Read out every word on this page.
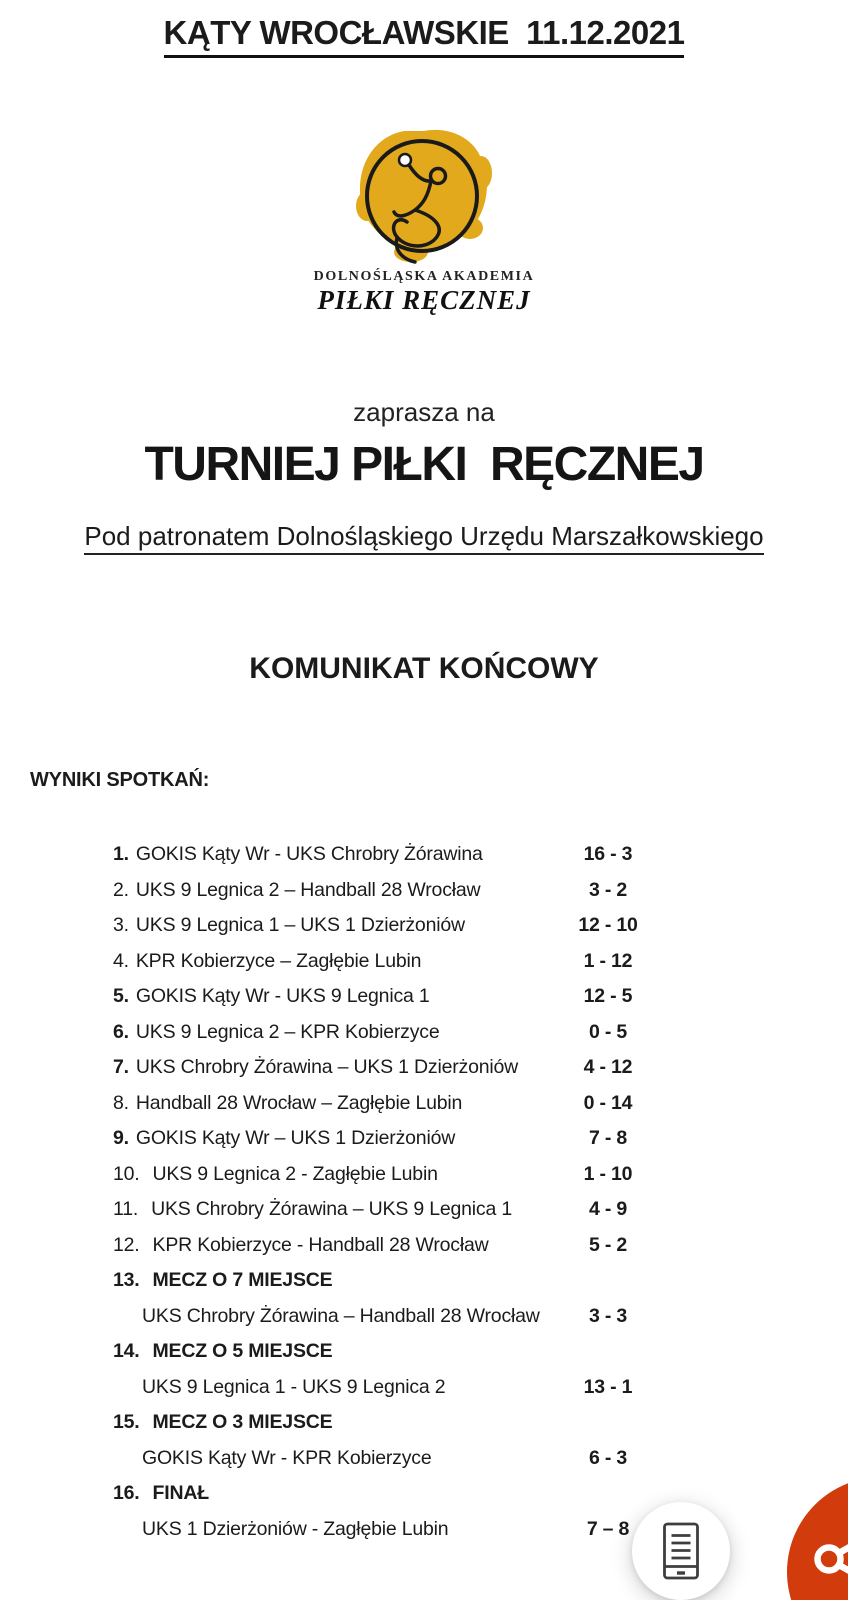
KĄTY WROCŁAWSKIE  11.12.2021
DOLNOŚLĄSKA AKADEMIA
PIŁKI RĘCZNEJ
zaprasza na
TURNIEJ PIŁKI  RĘCZNEJ
Pod patronatem Dolnośląskiego Urzędu Marszałkowskiego
KOMUNIKAT KOŃCOWY
WYNIKI SPOTKAŃ:
1. GOKIS Kąty Wr - UKS Chrobry Żórawina	16 - 3
2. UKS 9 Legnica 2 – Handball 28 Wrocław	3 - 2
3. UKS 9 Legnica 1 – UKS 1 Dzierżoniów	12 - 10
4. KPR Kobierzyce – Zagłębie Lubin	1 - 12
5. GOKIS Kąty Wr - UKS 9 Legnica 1	12 - 5
6. UKS 9 Legnica 2 – KPR Kobierzyce	0 - 5
7. UKS Chrobry Żórawina – UKS 1 Dzierżoniów	4 - 12
8. Handball 28 Wrocław – Zagłębie Lubin	0 - 14
9. GOKIS Kąty Wr – UKS 1 Dzierżoniów	7 - 8
10. UKS 9 Legnica 2 - Zagłębie Lubin	1 - 10
11. UKS Chrobry Żórawina – UKS 9 Legnica 1	4 - 9
12. KPR Kobierzyce - Handball 28 Wrocław	5 - 2
13. MECZ O 7 MIEJSCE
UKS Chrobry Żórawina – Handball 28 Wrocław	3 - 3
14. MECZ O 5 MIEJSCE
UKS 9 Legnica 1 - UKS 9 Legnica 2	13 - 1
15. MECZ O 3 MIEJSCE
GOKIS Kąty Wr - KPR Kobierzyce	6 - 3
16. FINAŁ
UKS 1 Dzierżoniów - Zagłębie Lubin	7 – 8
